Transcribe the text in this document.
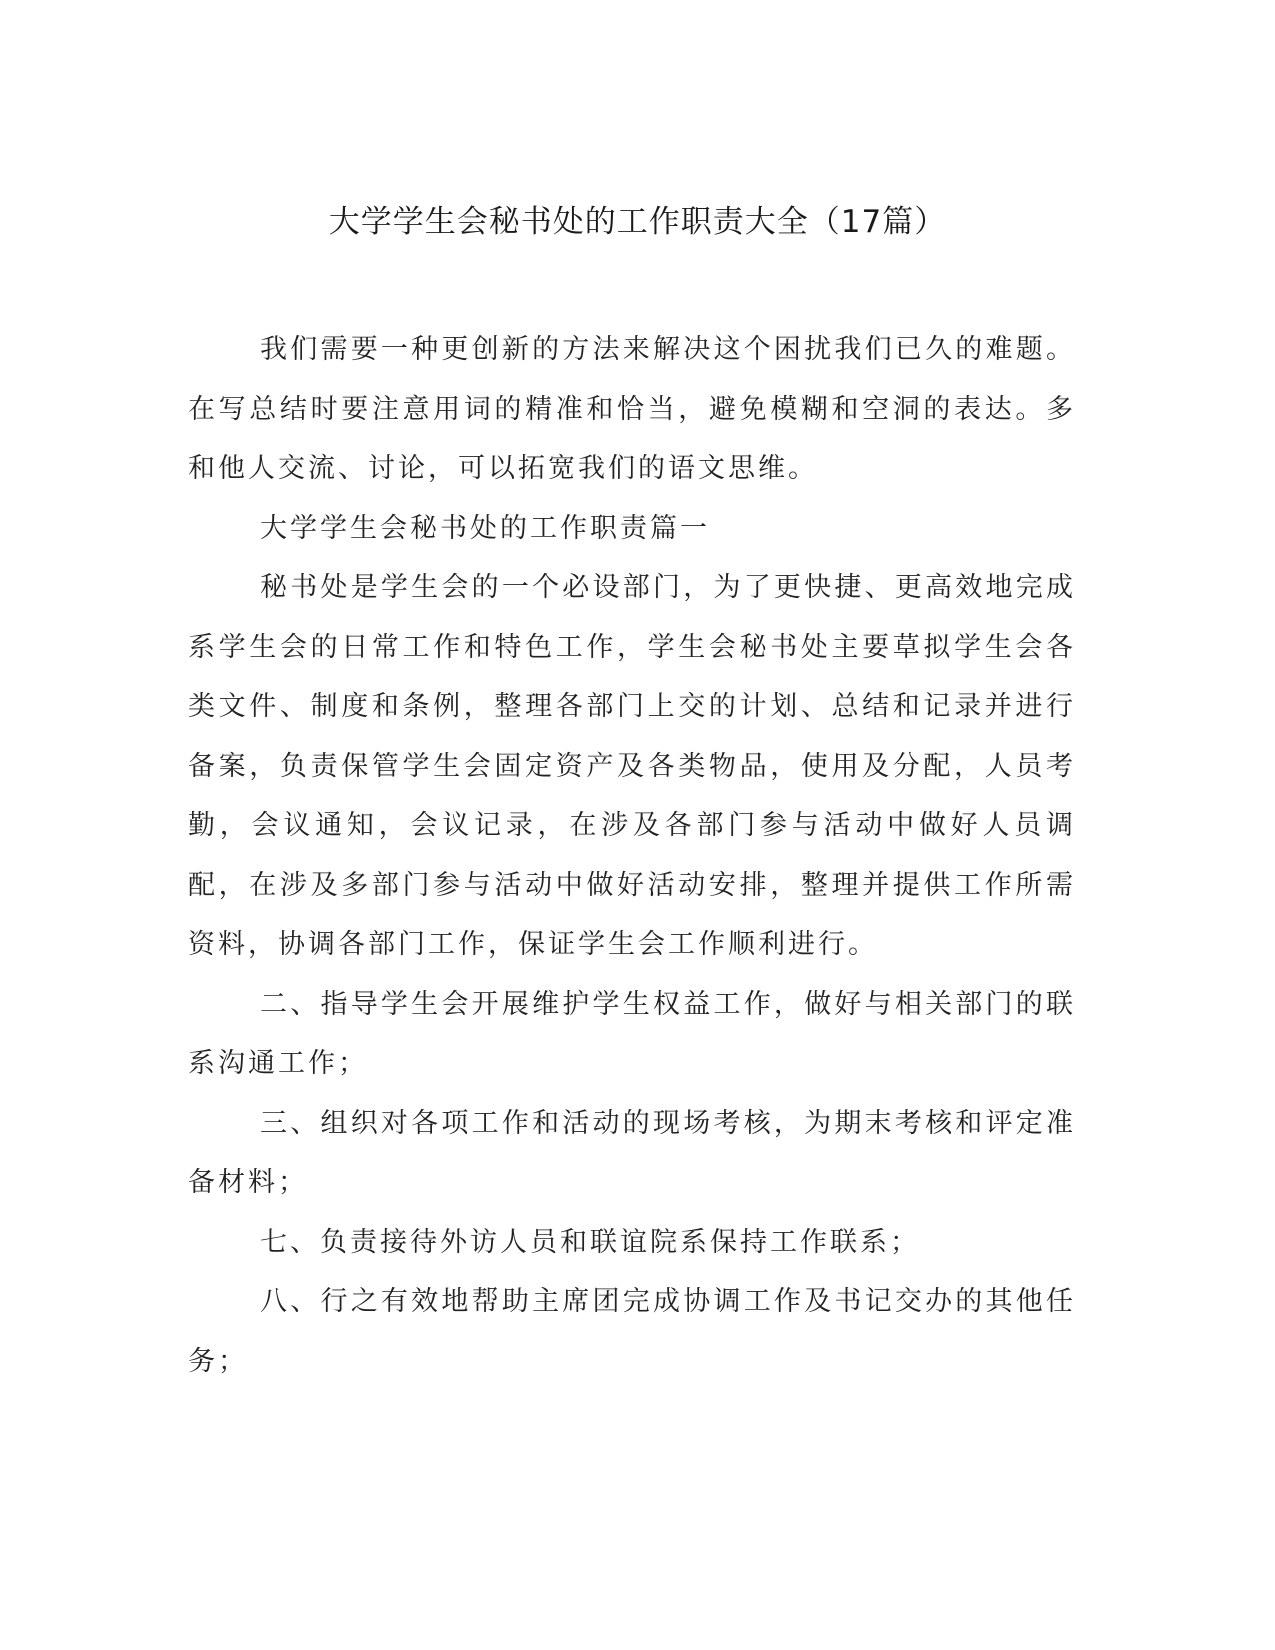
大学学生会秘书处的工作职责大全（17篇）

我们需要一种更创新的方法来解决这个困扰我们已久的难题。在写总结时要注意用词的精准和恰当，避免模糊和空洞的表达。多和他人交流、讨论，可以拓宽我们的语文思维。

大学学生会秘书处的工作职责篇一

秘书处是学生会的一个必设部门，为了更快捷、更高效地完成系学生会的日常工作和特色工作，学生会秘书处主要草拟学生会各类文件、制度和条例，整理各部门上交的计划、总结和记录并进行备案，负责保管学生会固定资产及各类物品，使用及分配，人员考勤，会议通知，会议记录，在涉及各部门参与活动中做好人员调配，在涉及多部门参与活动中做好活动安排，整理并提供工作所需资料，协调各部门工作，保证学生会工作顺利进行。

二、指导学生会开展维护学生权益工作，做好与相关部门的联系沟通工作；

三、组织对各项工作和活动的现场考核，为期末考核和评定准备材料；

七、负责接待外访人员和联谊院系保持工作联系；

八、行之有效地帮助主席团完成协调工作及书记交办的其他任务；
